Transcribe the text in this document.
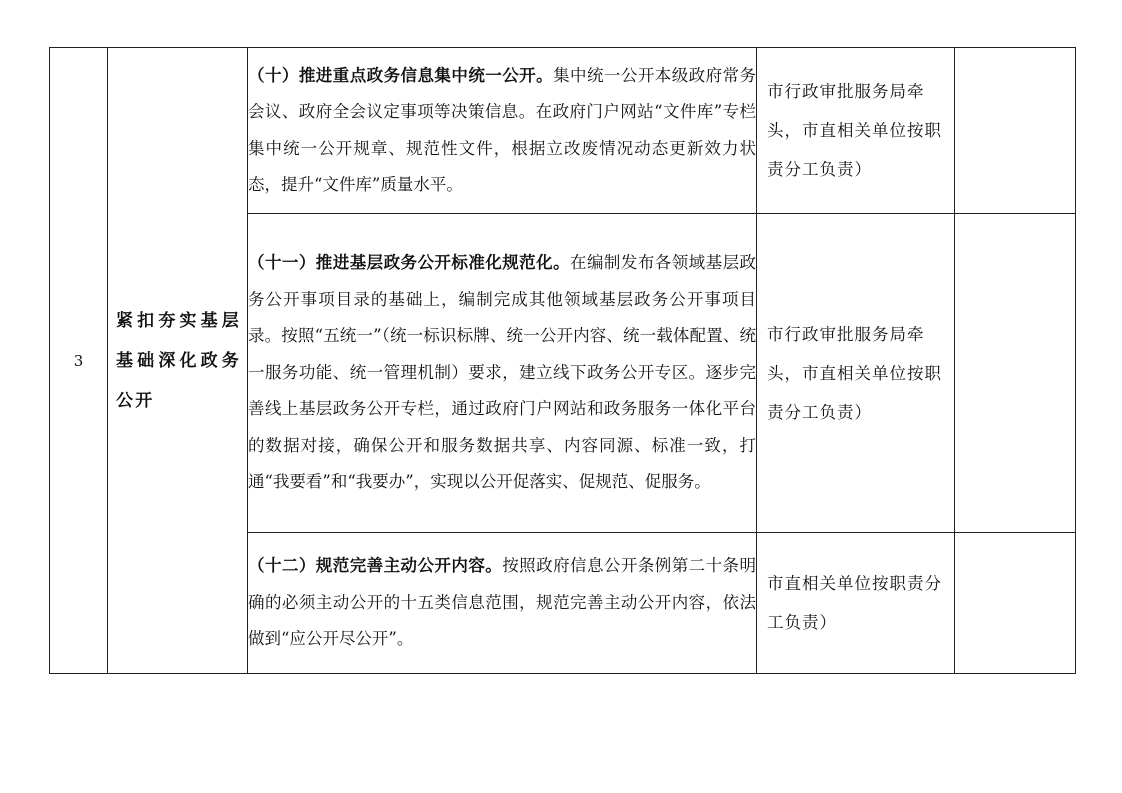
3	紧扣夯实基层基础深化政务公开	（十）推进重点政务信息集中统一公开。集中统一公开本级政府常务会议、政府全会议定事项等决策信息。在政府门户网站“文件库”专栏集中统一公开规章、规范性文件，根据立改废情况动态更新效力状态，提升“文件库”质量水平。	市行政审批服务局牵头，市直相关单位按职责分工负责）	

		（十一）推进基层政务公开标准化规范化。在编制发布各领域基层政务公开事项目录的基础上，编制完成其他领域基层政务公开事项目录。按照“五统一”（统一标识标牌、统一公开内容、统一载体配置、统一服务功能、统一管理机制）要求，建立线下政务公开专区。逐步完善线上基层政务公开专栏，通过政府门户网站和政务服务一体化平台的数据对接，确保公开和服务数据共享、内容同源、标准一致，打通“我要看”和“我要办”，实现以公开促落实、促规范、促服务。	市行政审批服务局牵头，市直相关单位按职责分工负责）	

		（十二）规范完善主动公开内容。按照政府信息公开条例第二十条明确的必须主动公开的十五类信息范围，规范完善主动公开内容，依法做到“应公开尽公开”。	市直相关单位按职责分工负责）	
